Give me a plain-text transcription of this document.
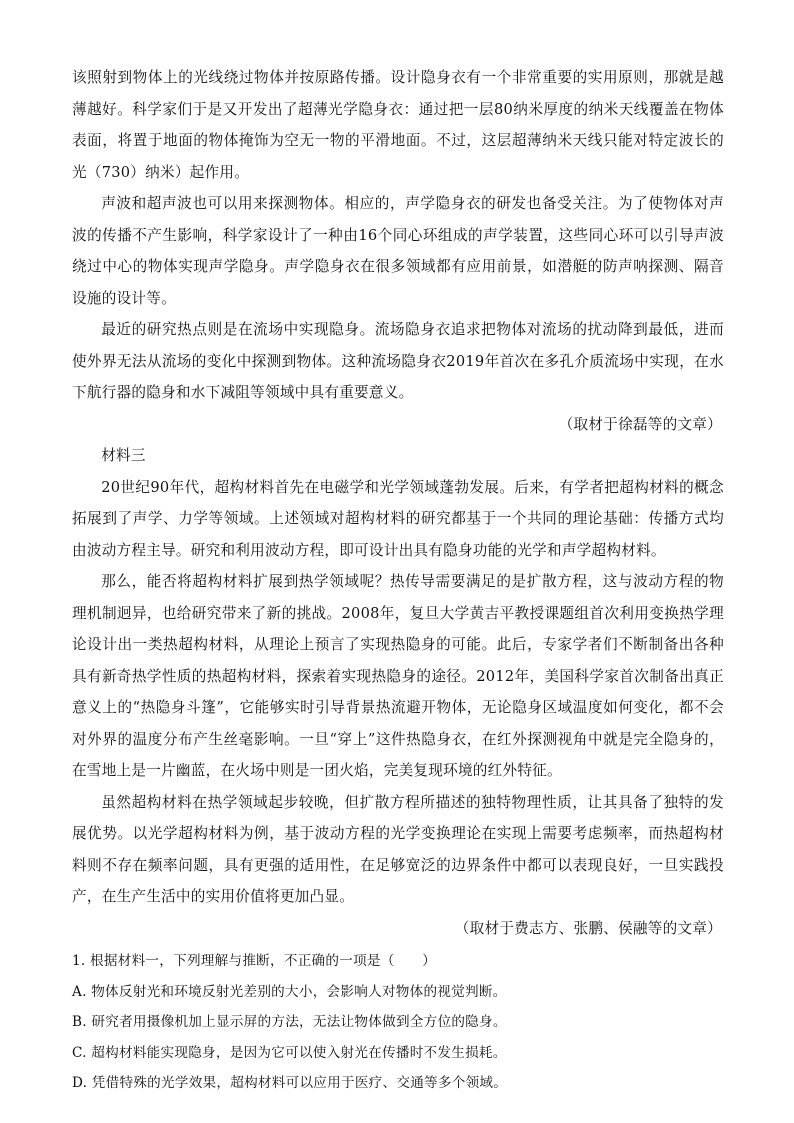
该照射到物体上的光线绕过物体并按原路传播。设计隐身衣有一个非常重要的实用原则，那就是越薄越好。科学家们于是又开发出了超薄光学隐身衣：通过把一层80纳米厚度的纳米天线覆盖在物体表面，将置于地面的物体掩饰为空无一物的平滑地面。不过，这层超薄纳米天线只能对特定波长的光（730）纳米）起作用。

声波和超声波也可以用来探测物体。相应的，声学隐身衣的研发也备受关注。为了使物体对声波的传播不产生影响，科学家设计了一种由16个同心环组成的声学装置，这些同心环可以引导声波绕过中心的物体实现声学隐身。声学隐身衣在很多领域都有应用前景，如潜艇的防声呐探测、隔音设施的设计等。

最近的研究热点则是在流场中实现隐身。流场隐身衣追求把物体对流场的扰动降到最低，进而使外界无法从流场的变化中探测到物体。这种流场隐身衣2019年首次在多孔介质流场中实现，在水下航行器的隐身和水下减阻等领域中具有重要意义。

（取材于徐磊等的文章）

材料三

20世纪90年代，超构材料首先在电磁学和光学领域蓬勃发展。后来，有学者把超构材料的概念拓展到了声学、力学等领域。上述领域对超构材料的研究都基于一个共同的理论基础：传播方式均由波动方程主导。研究和利用波动方程，即可设计出具有隐身功能的光学和声学超构材料。

那么，能否将超构材料扩展到热学领域呢？热传导需要满足的是扩散方程，这与波动方程的物理机制迥异，也给研究带来了新的挑战。2008年，复旦大学黄吉平教授课题组首次利用变换热学理论设计出一类热超构材料，从理论上预言了实现热隐身的可能。此后，专家学者们不断制备出各种具有新奇热学性质的热超构材料，探索着实现热隐身的途径。2012年，美国科学家首次制备出真正意义上的“热隐身斗篷”，它能够实时引导背景热流避开物体，无论隐身区域温度如何变化，都不会对外界的温度分布产生丝毫影响。一旦“穿上”这件热隐身衣，在红外探测视角中就是完全隐身的，在雪地上是一片幽蓝，在火场中则是一团火焰，完美复现环境的红外特征。

虽然超构材料在热学领域起步较晚，但扩散方程所描述的独特物理性质，让其具备了独特的发展优势。以光学超构材料为例，基于波动方程的光学变换理论在实现上需要考虑频率，而热超构材料则不存在频率问题，具有更强的适用性，在足够宽泛的边界条件中都可以表现良好，一旦实践投产，在生产生活中的实用价值将更加凸显。

（取材于费志方、张鹏、侯融等的文章）

1. 根据材料一，下列理解与推断，不正确的一项是（　　）

A. 物体反射光和环境反射光差别的大小，会影响人对物体的视觉判断。

B. 研究者用摄像机加上显示屏的方法，无法让物体做到全方位的隐身。

C. 超构材料能实现隐身，是因为它可以使入射光在传播时不发生损耗。

D. 凭借特殊的光学效果，超构材料可以应用于医疗、交通等多个领域。
